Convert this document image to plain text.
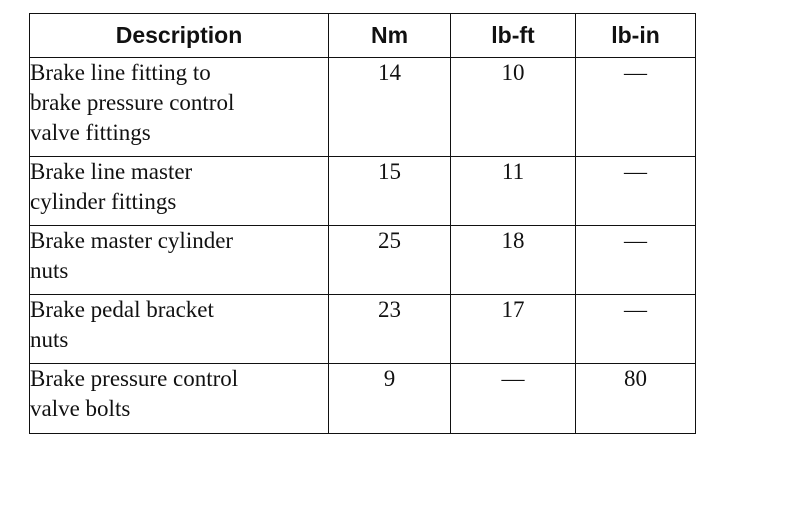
Description	Nm	lb-ft	lb-in

Brake line fitting to
brake pressure control
valve fittings	14	10	—

Brake line master
cylinder fittings	15	11	—

Brake master cylinder
nuts	25	18	—

Brake pedal bracket
nuts	23	17	—

Brake pressure control
valve bolts	9	—	80
